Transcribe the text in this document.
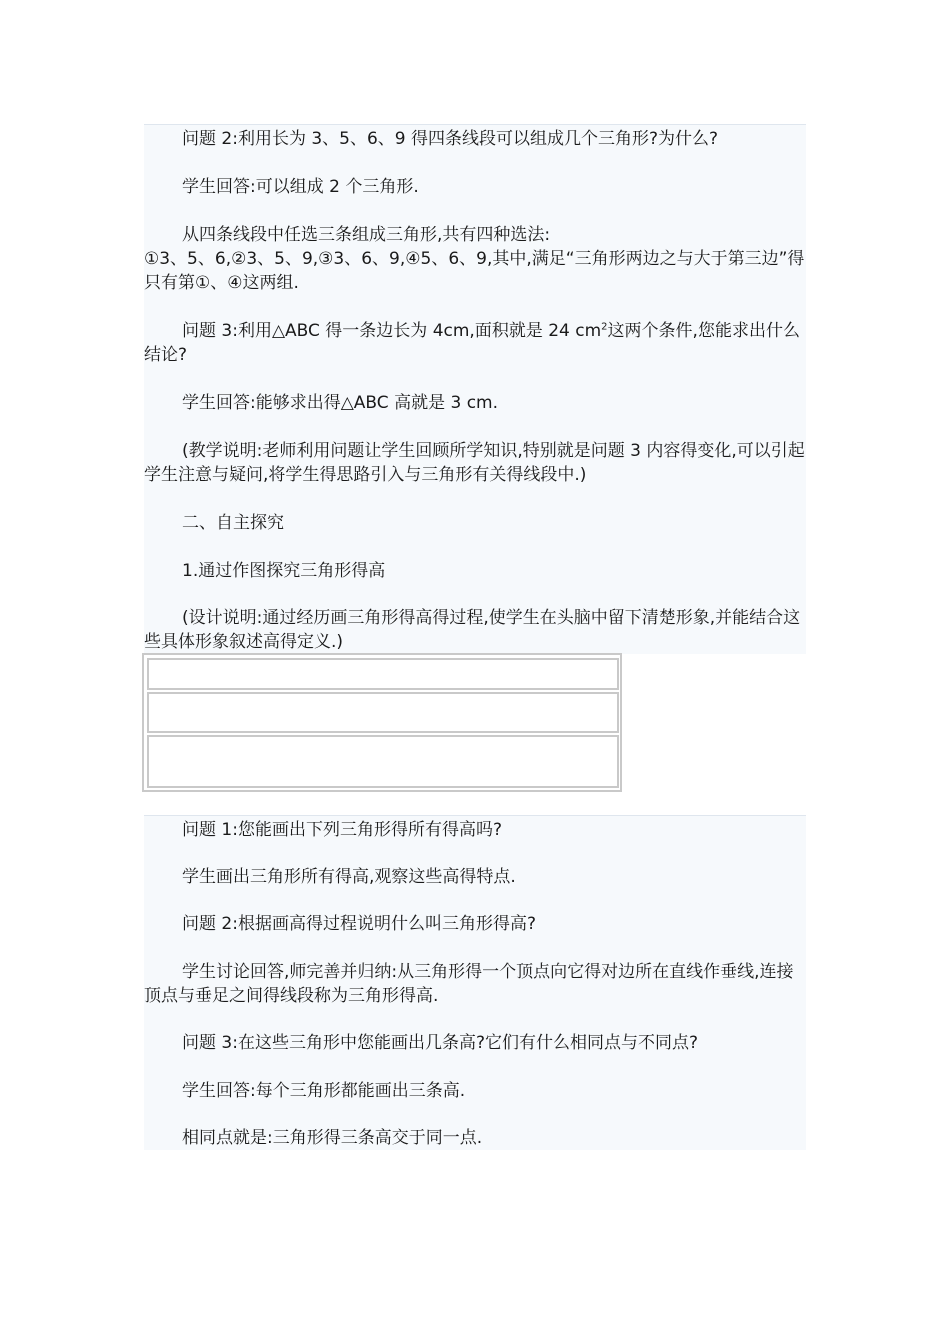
问题 2:利用长为 3、5、6、9 得四条线段可以组成几个三角形?为什么?

学生回答:可以组成 2 个三角形.

从四条线段中任选三条组成三角形,共有四种选法:

①3、5、6,②3、5、9,③3、6、9,④5、6、9,其中,满足“三角形两边之与大于第三边”得只有第①、④这两组.

问题 3:利用△ABC 得一条边长为 4cm,面积就是 24 $cm^2$这两个条件,您能求出什么结论?

学生回答:能够求出得△ABC 高就是 3 cm.

(教学说明:老师利用问题让学生回顾所学知识,特别就是问题 3 内容得变化,可以引起学生注意与疑问,将学生得思路引入与三角形有关得线段中.)

二、自主探究

1.通过作图探究三角形得高

(设计说明:通过经历画三角形得高得过程,使学生在头脑中留下清楚形象,并能结合这些具体形象叙述高得定义.)

问题 1:您能画出下列三角形得所有得高吗?

学生画出三角形所有得高,观察这些高得特点.

问题 2:根据画高得过程说明什么叫三角形得高?

学生讨论回答,师完善并归纳:从三角形得一个顶点向它得对边所在直线作垂线,连接顶点与垂足之间得线段称为三角形得高.

问题 3:在这些三角形中您能画出几条高?它们有什么相同点与不同点?

学生回答:每个三角形都能画出三条高.

相同点就是:三角形得三条高交于同一点.
